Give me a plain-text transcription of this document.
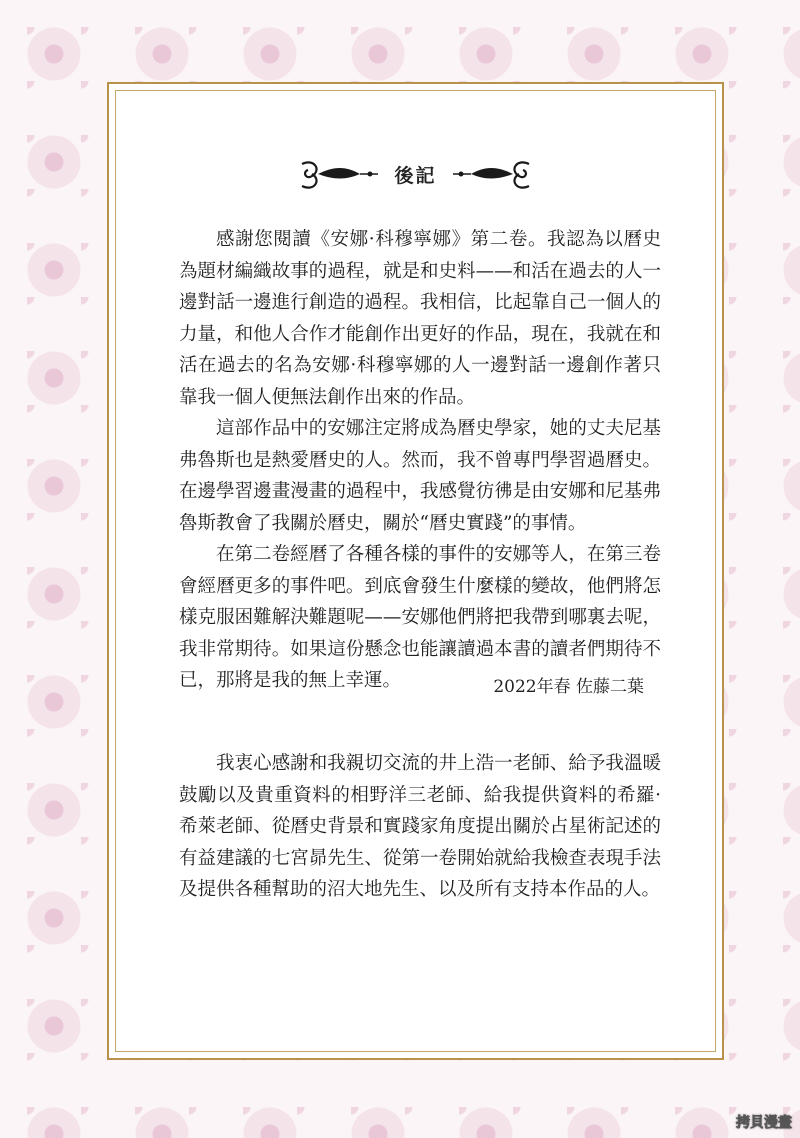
後記

感謝您閱讀《安娜·科穆寧娜》第二卷。我認為以曆史為題材編織故事的過程，就是和史料——和活在過去的人一邊對話一邊進行創造的過程。我相信，比起靠自己一個人的力量，和他人合作才能創作出更好的作品，現在，我就在和活在過去的名為安娜·科穆寧娜的人一邊對話一邊創作著只靠我一個人便無法創作出來的作品。

這部作品中的安娜注定將成為曆史學家，她的丈夫尼基弗魯斯也是熱愛曆史的人。然而，我不曾專門學習過曆史。在邊學習邊畫漫畫的過程中，我感覺彷彿是由安娜和尼基弗魯斯教會了我關於曆史，關於“曆史實踐”的事情。

在第二卷經曆了各種各樣的事件的安娜等人，在第三卷會經曆更多的事件吧。到底會發生什麼樣的變故，他們將怎樣克服困難解決難題呢——安娜他們將把我帶到哪裏去呢，我非常期待。如果這份懸念也能讓讀過本書的讀者們期待不已，那將是我的無上幸運。	2022年春 佐藤二葉

我衷心感謝和我親切交流的井上浩一老師、給予我溫暖鼓勵以及貴重資料的相野洋三老師、給我提供資料的希羅·希萊老師、從曆史背景和實踐家角度提出關於占星術記述的有益建議的七宮昴先生、從第一卷開始就給我檢查表現手法及提供各種幫助的沼大地先生、以及所有支持本作品的人。

拷貝漫畫
